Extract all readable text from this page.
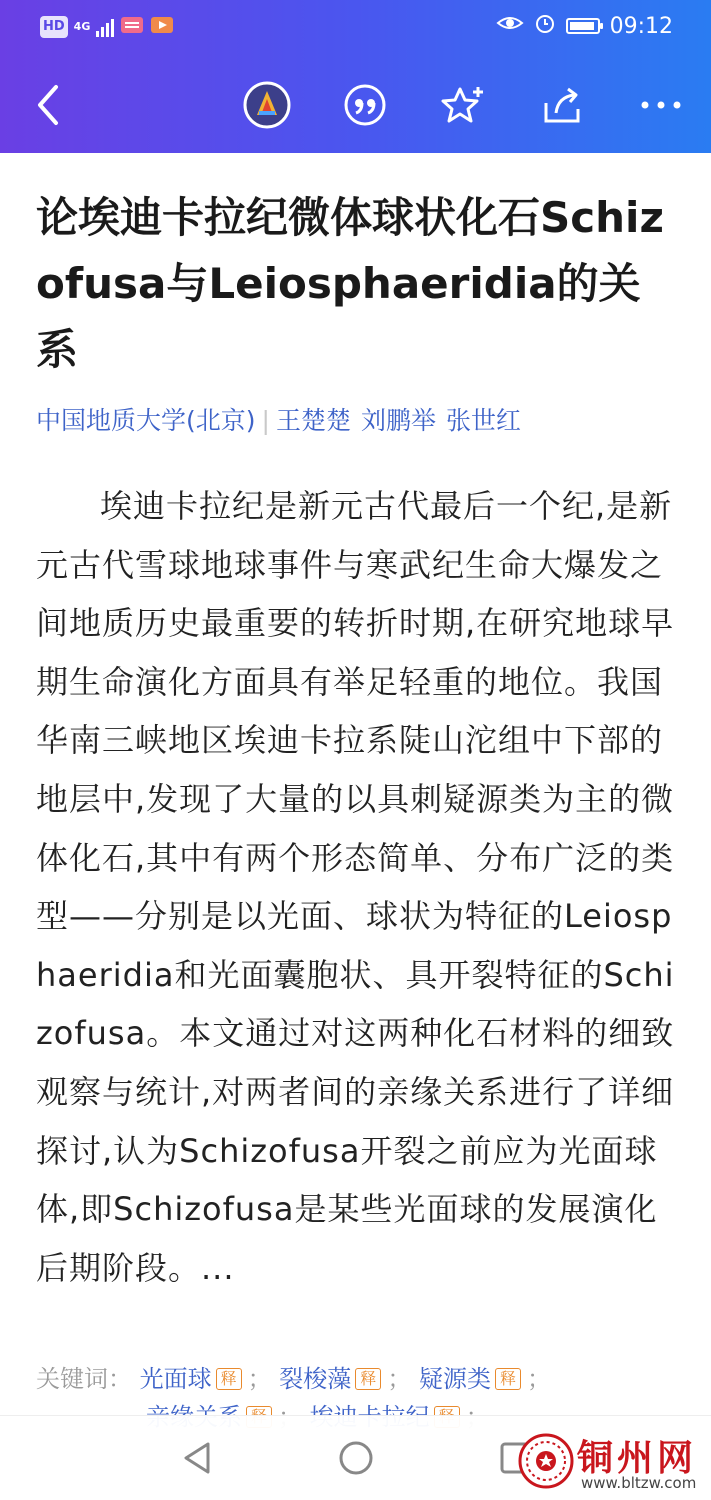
HD 4G	09:12
论埃迪卡拉纪微体球状化石Schizofusa与Leiosphaeridia的关系
中国地质大学(北京) | 王楚楚 刘鹏举 张世红

埃迪卡拉纪是新元古代最后一个纪,是新元古代雪球地球事件与寒武纪生命大爆发之间地质历史最重要的转折时期,在研究地球早期生命演化方面具有举足轻重的地位。我国华南三峡地区埃迪卡拉系陡山沱组中下部的地层中,发现了大量的以具刺疑源类为主的微体化石,其中有两个形态简单、分布广泛的类型——分别是以光面、球状为特征的Leiosphaeridia和光面囊胞状、具开裂特征的Schizofusa。本文通过对这两种化石材料的细致观察与统计,对两者间的亲缘关系进行了详细探讨,认为Schizofusa开裂之前应为光面球体,即Schizofusa是某些光面球的发展演化后期阶段。...

关键词： 光面球 释 ； 裂梭藻 释 ； 疑源类 释 ；

铜州网
www.bltzw.com
